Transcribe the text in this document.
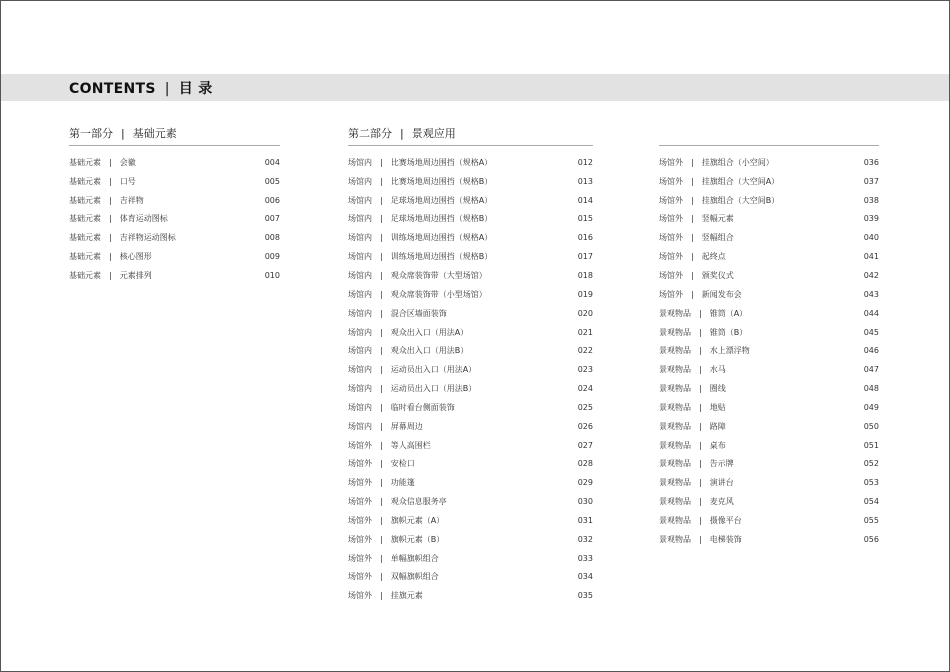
CONTENTS | 目 录
第一部分 | 基础元素
基础元素 | 会徽	004
基础元素 | 口号	005
基础元素 | 吉祥物	006
基础元素 | 体育运动图标	007
基础元素 | 吉祥物运动图标	008
基础元素 | 核心图形	009
基础元素 | 元素排列	010
第二部分 | 景观应用
场馆内 | 比赛场地周边围挡（规格A）	012
场馆内 | 比赛场地周边围挡（规格B）	013
场馆内 | 足球场地周边围挡（规格A）	014
场馆内 | 足球场地周边围挡（规格B）	015
场馆内 | 训练场地周边围挡（规格A）	016
场馆内 | 训练场地周边围挡（规格B）	017
场馆内 | 观众席装饰带（大型场馆）	018
场馆内 | 观众席装饰带（小型场馆）	019
场馆内 | 混合区墙面装饰	020
场馆内 | 观众出入口（用法A）	021
场馆内 | 观众出入口（用法B）	022
场馆内 | 运动员出入口（用法A）	023
场馆内 | 运动员出入口（用法B）	024
场馆内 | 临时看台侧面装饰	025
场馆内 | 屏幕周边	026
场馆外 | 等人高围栏	027
场馆外 | 安检口	028
场馆外 | 功能篷	029
场馆外 | 观众信息服务亭	030
场馆外 | 旗帜元素（A）	031
场馆外 | 旗帜元素（B）	032
场馆外 | 单幅旗帜组合	033
场馆外 | 双幅旗帜组合	034
场馆外 | 挂旗元素	035
场馆外 | 挂旗组合（小空间）	036
场馆外 | 挂旗组合（大空间A）	037
场馆外 | 挂旗组合（大空间B）	038
场馆外 | 竖幅元素	039
场馆外 | 竖幅组合	040
场馆外 | 起终点	041
场馆外 | 颁奖仪式	042
场馆外 | 新闻发布会	043
景观物品 | 锥筒（A）	044
景观物品 | 锥筒（B）	045
景观物品 | 水上漂浮物	046
景观物品 | 水马	047
景观物品 | 圈线	048
景观物品 | 地贴	049
景观物品 | 路障	050
景观物品 | 桌布	051
景观物品 | 告示牌	052
景观物品 | 演讲台	053
景观物品 | 麦克风	054
景观物品 | 摄像平台	055
景观物品 | 电梯装饰	056
